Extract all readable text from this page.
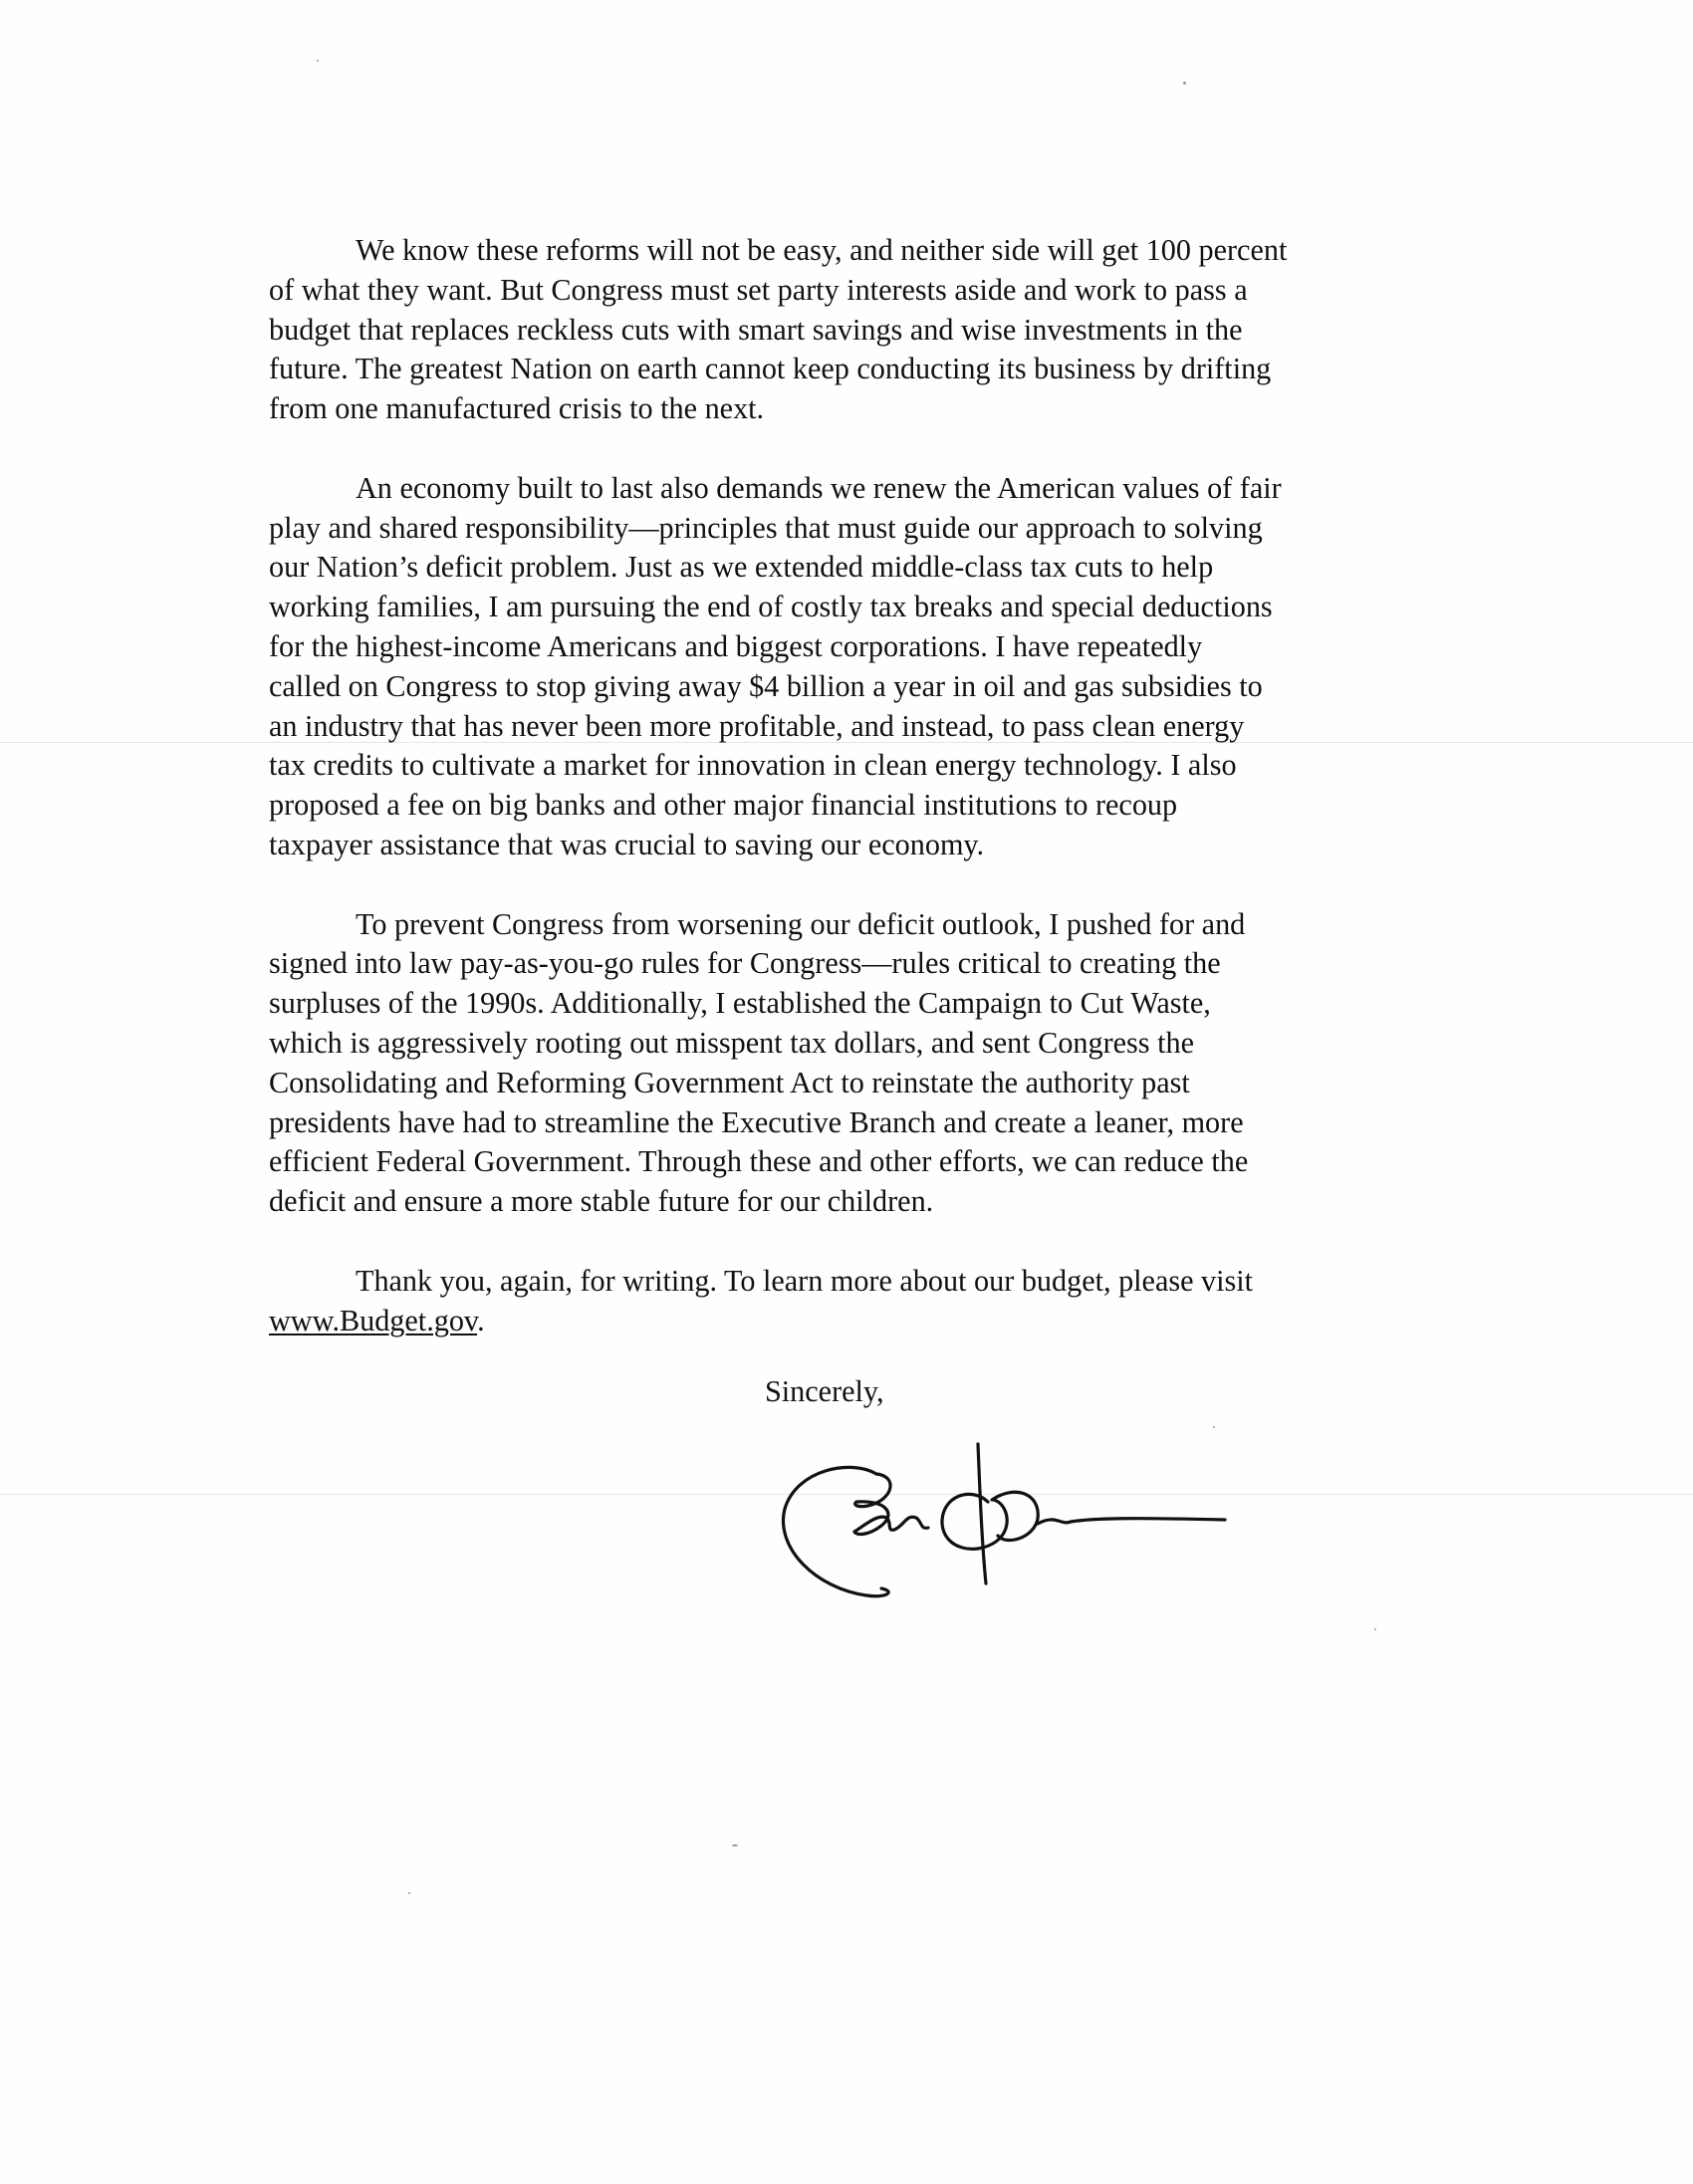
We know these reforms will not be easy, and neither side will get 100 percent
of what they want. But Congress must set party interests aside and work to pass a
budget that replaces reckless cuts with smart savings and wise investments in the
future. The greatest Nation on earth cannot keep conducting its business by drifting
from one manufactured crisis to the next.

An economy built to last also demands we renew the American values of fair
play and shared responsibility—principles that must guide our approach to solving
our Nation’s deficit problem. Just as we extended middle-class tax cuts to help
working families, I am pursuing the end of costly tax breaks and special deductions
for the highest-income Americans and biggest corporations. I have repeatedly
called on Congress to stop giving away $4 billion a year in oil and gas subsidies to
an industry that has never been more profitable, and instead, to pass clean energy
tax credits to cultivate a market for innovation in clean energy technology. I also
proposed a fee on big banks and other major financial institutions to recoup
taxpayer assistance that was crucial to saving our economy.

To prevent Congress from worsening our deficit outlook, I pushed for and
signed into law pay-as-you-go rules for Congress—rules critical to creating the
surpluses of the 1990s. Additionally, I established the Campaign to Cut Waste,
which is aggressively rooting out misspent tax dollars, and sent Congress the
Consolidating and Reforming Government Act to reinstate the authority past
presidents have had to streamline the Executive Branch and create a leaner, more
efficient Federal Government. Through these and other efforts, we can reduce the
deficit and ensure a more stable future for our children.

Thank you, again, for writing. To learn more about our budget, please visit
www.Budget.gov.

Sincerely,
